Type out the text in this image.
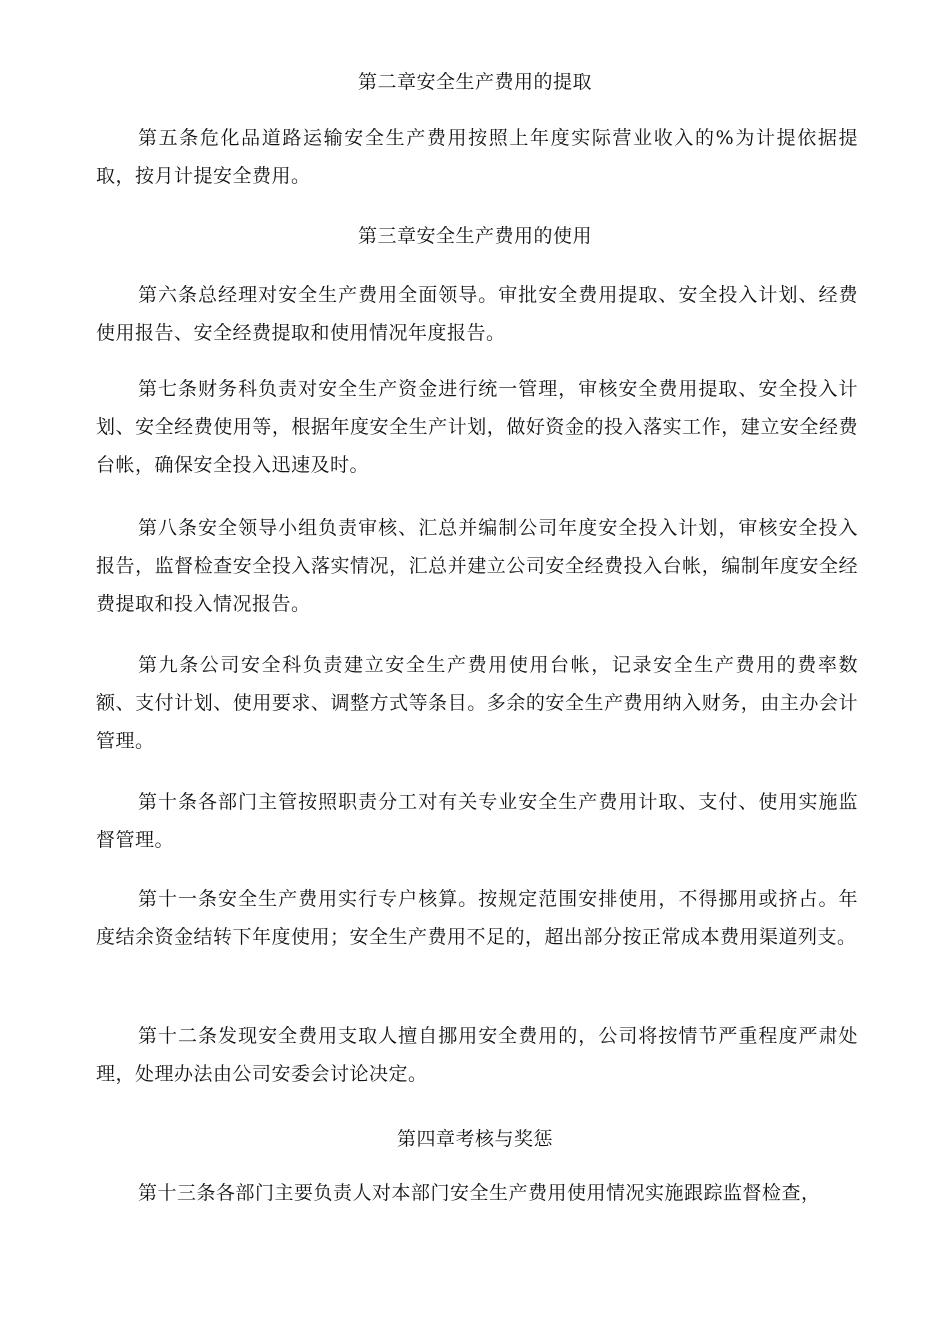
第二章安全生产费用的提取
第五条危化品道路运输安全生产费用按照上年度实际营业收入的%为计提依据提取，按月计提安全费用。
第三章安全生产费用的使用
第六条总经理对安全生产费用全面领导。审批安全费用提取、安全投入计划、经费使用报告、安全经费提取和使用情况年度报告。
第七条财务科负责对安全生产资金进行统一管理，审核安全费用提取、安全投入计划、安全经费使用等，根据年度安全生产计划，做好资金的投入落实工作，建立安全经费台帐，确保安全投入迅速及时。
第八条安全领导小组负责审核、汇总并编制公司年度安全投入计划，审核安全投入报告，监督检查安全投入落实情况，汇总并建立公司安全经费投入台帐，编制年度安全经费提取和投入情况报告。
第九条公司安全科负责建立安全生产费用使用台帐，记录安全生产费用的费率数额、支付计划、使用要求、调整方式等条目。多余的安全生产费用纳入财务，由主办会计管理。
第十条各部门主管按照职责分工对有关专业安全生产费用计取、支付、使用实施监督管理。
第十一条安全生产费用实行专户核算。按规定范围安排使用，不得挪用或挤占。年度结余资金结转下年度使用；安全生产费用不足的，超出部分按正常成本费用渠道列支。
第十二条发现安全费用支取人擅自挪用安全费用的，公司将按情节严重程度严肃处理，处理办法由公司安委会讨论决定。
第四章考核与奖惩
第十三条各部门主要负责人对本部门安全生产费用使用情况实施跟踪监督检查，
